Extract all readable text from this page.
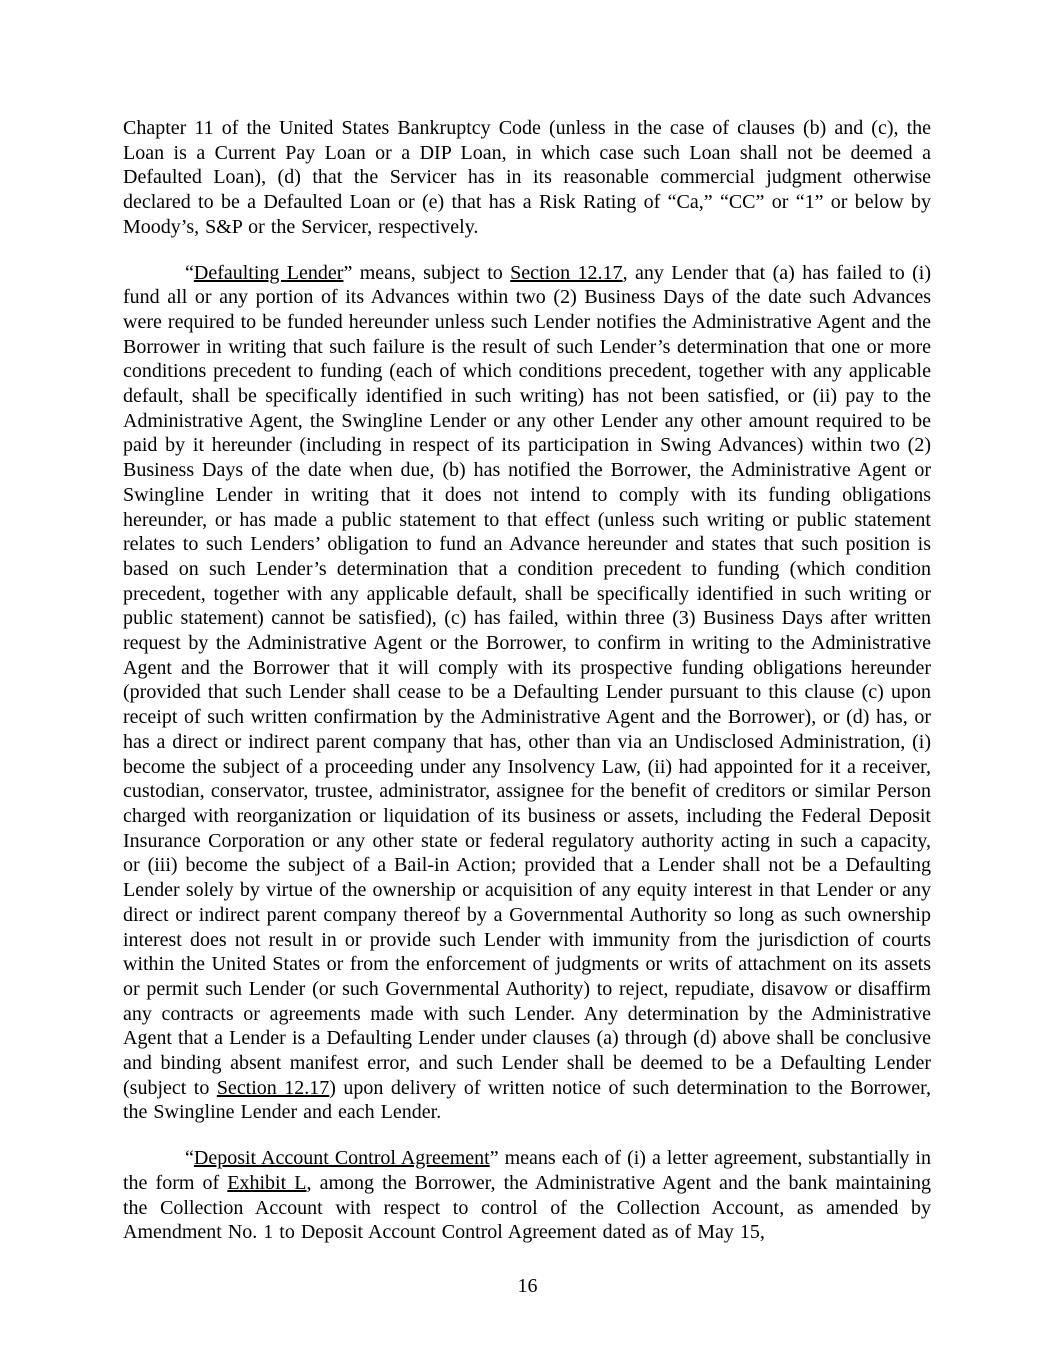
Chapter 11 of the United States Bankruptcy Code (unless in the case of clauses (b) and (c), the Loan is a Current Pay Loan or a DIP Loan, in which case such Loan shall not be deemed a Defaulted Loan), (d) that the Servicer has in its reasonable commercial judgment otherwise declared to be a Defaulted Loan or (e) that has a Risk Rating of “Ca,” “CC” or “1” or below by Moody’s, S&P or the Servicer, respectively.

“Defaulting Lender” means, subject to Section 12.17, any Lender that (a) has failed to (i) fund all or any portion of its Advances within two (2) Business Days of the date such Advances were required to be funded hereunder unless such Lender notifies the Administrative Agent and the Borrower in writing that such failure is the result of such Lender’s determination that one or more conditions precedent to funding (each of which conditions precedent, together with any applicable default, shall be specifically identified in such writing) has not been satisfied, or (ii) pay to the Administrative Agent, the Swingline Lender or any other Lender any other amount required to be paid by it hereunder (including in respect of its participation in Swing Advances) within two (2) Business Days of the date when due, (b) has notified the Borrower, the Administrative Agent or Swingline Lender in writing that it does not intend to comply with its funding obligations hereunder, or has made a public statement to that effect (unless such writing or public statement relates to such Lenders’ obligation to fund an Advance hereunder and states that such position is based on such Lender’s determination that a condition precedent to funding (which condition precedent, together with any applicable default, shall be specifically identified in such writing or public statement) cannot be satisfied), (c) has failed, within three (3) Business Days after written request by the Administrative Agent or the Borrower, to confirm in writing to the Administrative Agent and the Borrower that it will comply with its prospective funding obligations hereunder (provided that such Lender shall cease to be a Defaulting Lender pursuant to this clause (c) upon receipt of such written confirmation by the Administrative Agent and the Borrower), or (d) has, or has a direct or indirect parent company that has, other than via an Undisclosed Administration, (i) become the subject of a proceeding under any Insolvency Law, (ii) had appointed for it a receiver, custodian, conservator, trustee, administrator, assignee for the benefit of creditors or similar Person charged with reorganization or liquidation of its business or assets, including the Federal Deposit Insurance Corporation or any other state or federal regulatory authority acting in such a capacity, or (iii) become the subject of a Bail-in Action; provided that a Lender shall not be a Defaulting Lender solely by virtue of the ownership or acquisition of any equity interest in that Lender or any direct or indirect parent company thereof by a Governmental Authority so long as such ownership interest does not result in or provide such Lender with immunity from the jurisdiction of courts within the United States or from the enforcement of judgments or writs of attachment on its assets or permit such Lender (or such Governmental Authority) to reject, repudiate, disavow or disaffirm any contracts or agreements made with such Lender. Any determination by the Administrative Agent that a Lender is a Defaulting Lender under clauses (a) through (d) above shall be conclusive and binding absent manifest error, and such Lender shall be deemed to be a Defaulting Lender (subject to Section 12.17) upon delivery of written notice of such determination to the Borrower, the Swingline Lender and each Lender.

“Deposit Account Control Agreement” means each of (i) a letter agreement, substantially in the form of Exhibit L, among the Borrower, the Administrative Agent and the bank maintaining the Collection Account with respect to control of the Collection Account, as amended by Amendment No. 1 to Deposit Account Control Agreement dated as of May 15,

16
